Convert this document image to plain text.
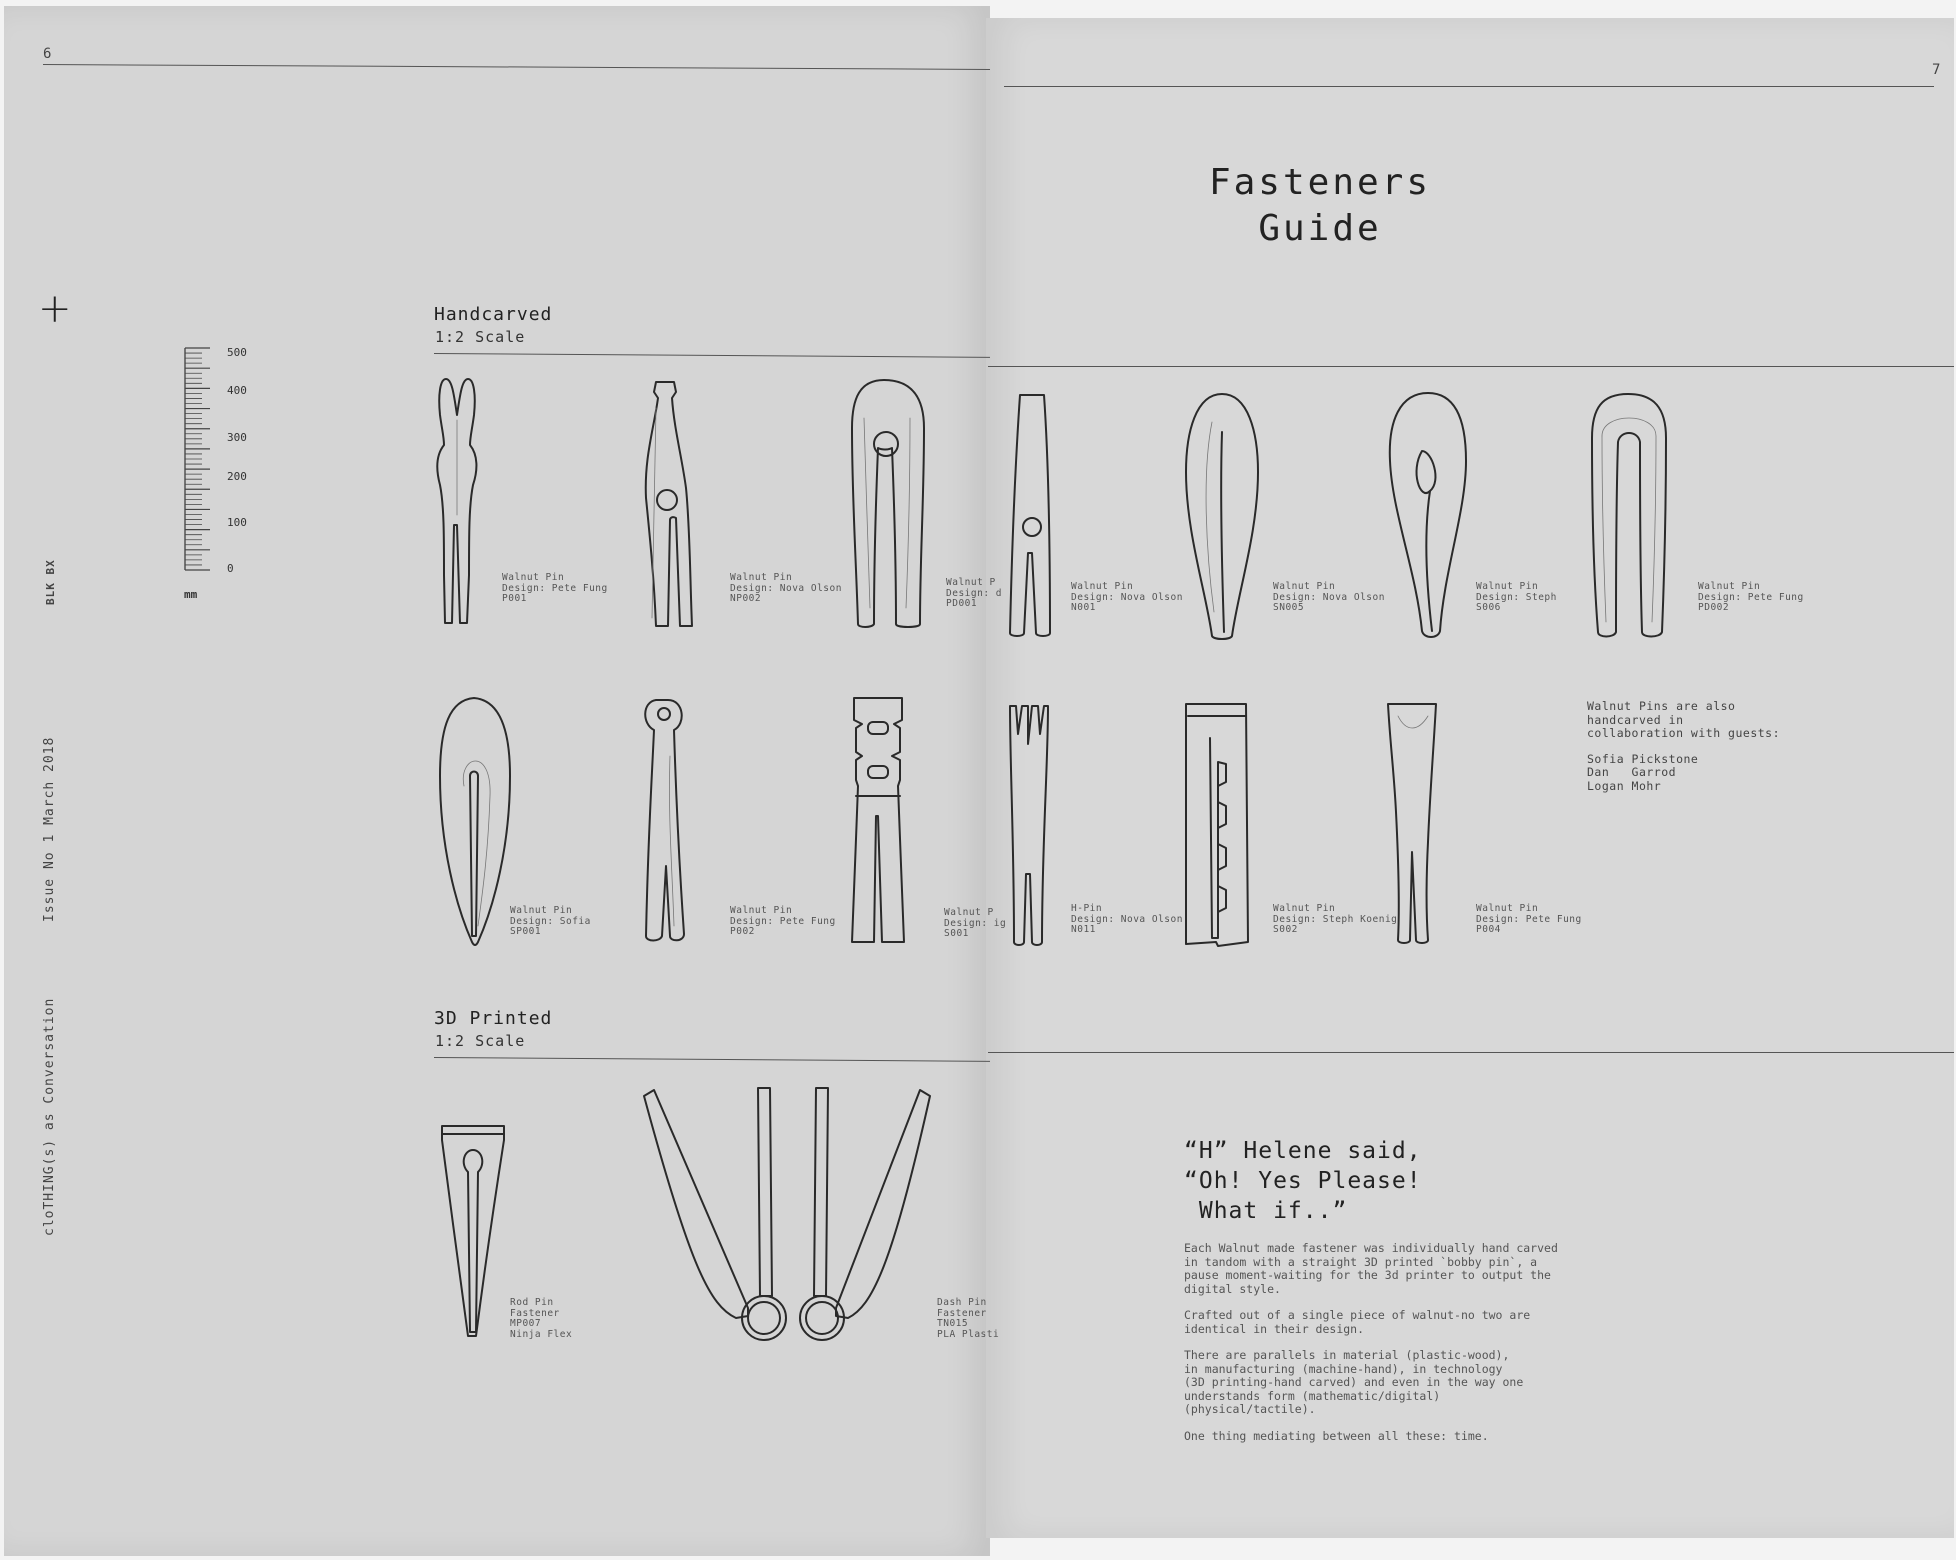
6
+
BLK BX
Issue No 1 March 2018
cloTHING(s) as Conversation
500
400
300
200
100
0
mm
Handcarved
1:2 Scale
3D Printed
1:2 Scale
7
Fasteners
Guide
Walnut Pin
Design: Pete Fung
P001
Walnut Pin
Design: Nova Olson
NP002
Walnut P
Design: d
PD001
Walnut Pin
Design: Nova Olson
N001
Walnut Pin
Design: Nova Olson
SN005
Walnut Pin
Design: Steph
S006
Walnut Pin
Design: Pete Fung
PD002
Walnut Pin
Design: Sofia
SP001
Walnut Pin
Design: Pete Fung
P002
Walnut P
Design: ig
S001
H-Pin
Design: Nova Olson
N011
Walnut Pin
Design: Steph Koenig
S002
Walnut Pin
Design: Pete Fung
P004
Walnut Pins are also
handcarved in
collaboration with guests:
Sofia Pickstone
Dan   Garrod
Logan Mohr
Rod Pin
Fastener
MP007
Ninja Flex
Dash Pin
Fastener
TN015
PLA Plasti
“H” Helene said,
“Oh! Yes Please!
What if..”

Each Walnut made fastener was individually hand carved
in tandom with a straight 3D printed `bobby pin`, a
pause moment-waiting for the 3d printer to output the
digital style.

Crafted out of a single piece of walnut-no two are
identical in their design.

There are parallels in material (plastic-wood),
in manufacturing (machine-hand), in technology
(3D printing-hand carved) and even in the way one
understands form (mathematic/digital)
(physical/tactile).

One thing mediating between all these: time.
